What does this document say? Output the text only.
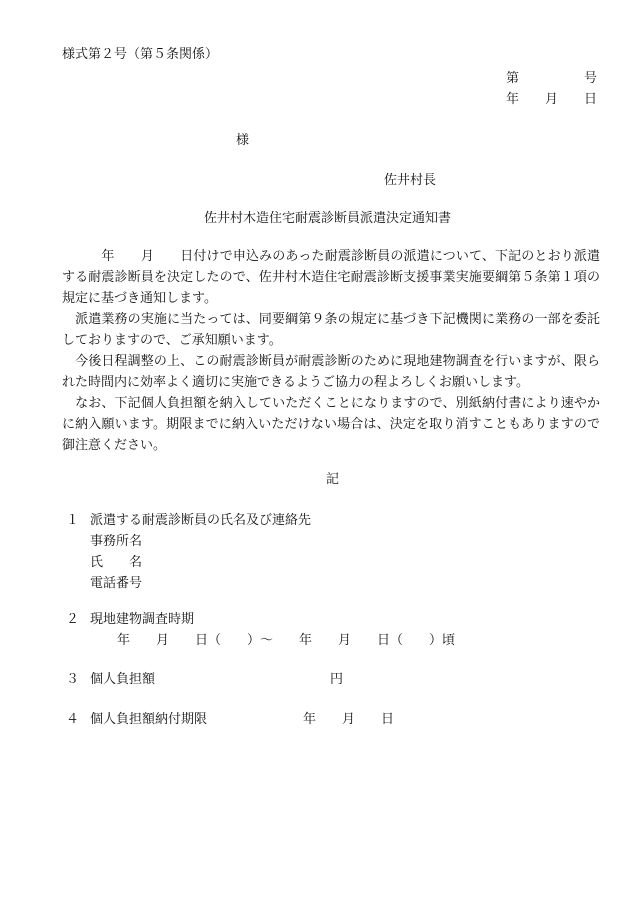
様式第２号（第５条関係）
第　　　　　号
年　　月　　日
様
佐井村長
佐井村木造住宅耐震診断員派遣決定通知書
　　　年　　月　　日付けで申込みのあった耐震診断員の派遣について、下記のとおり派遣する耐震診断員を決定したので、佐井村木造住宅耐震診断支援事業実施要綱第５条第１項の規定に基づき通知します。
　派遣業務の実施に当たっては、同要綱第９条の規定に基づき下記機関に業務の一部を委託しておりますので、ご承知願います。
　今後日程調整の上、この耐震診断員が耐震診断のために現地建物調査を行いますが、限られた時間内に効率よく適切に実施できるようご協力の程よろしくお願いします。
　なお、下記個人負担額を納入していただくことになりますので、別紙納付書により速やかに納入願います。期限までに納入いただけない場合は、決定を取り消すこともありますので御注意ください。
記
１ 派遣する耐震診断員の氏名及び連絡先
事務所名
氏　　名
電話番号
２ 現地建物調査時期
年　　月　　日（　　）〜　　年　　月　　日（　　）頃
３ 個人負担額	円
４ 個人負担額納付期限	年　　月　　日
